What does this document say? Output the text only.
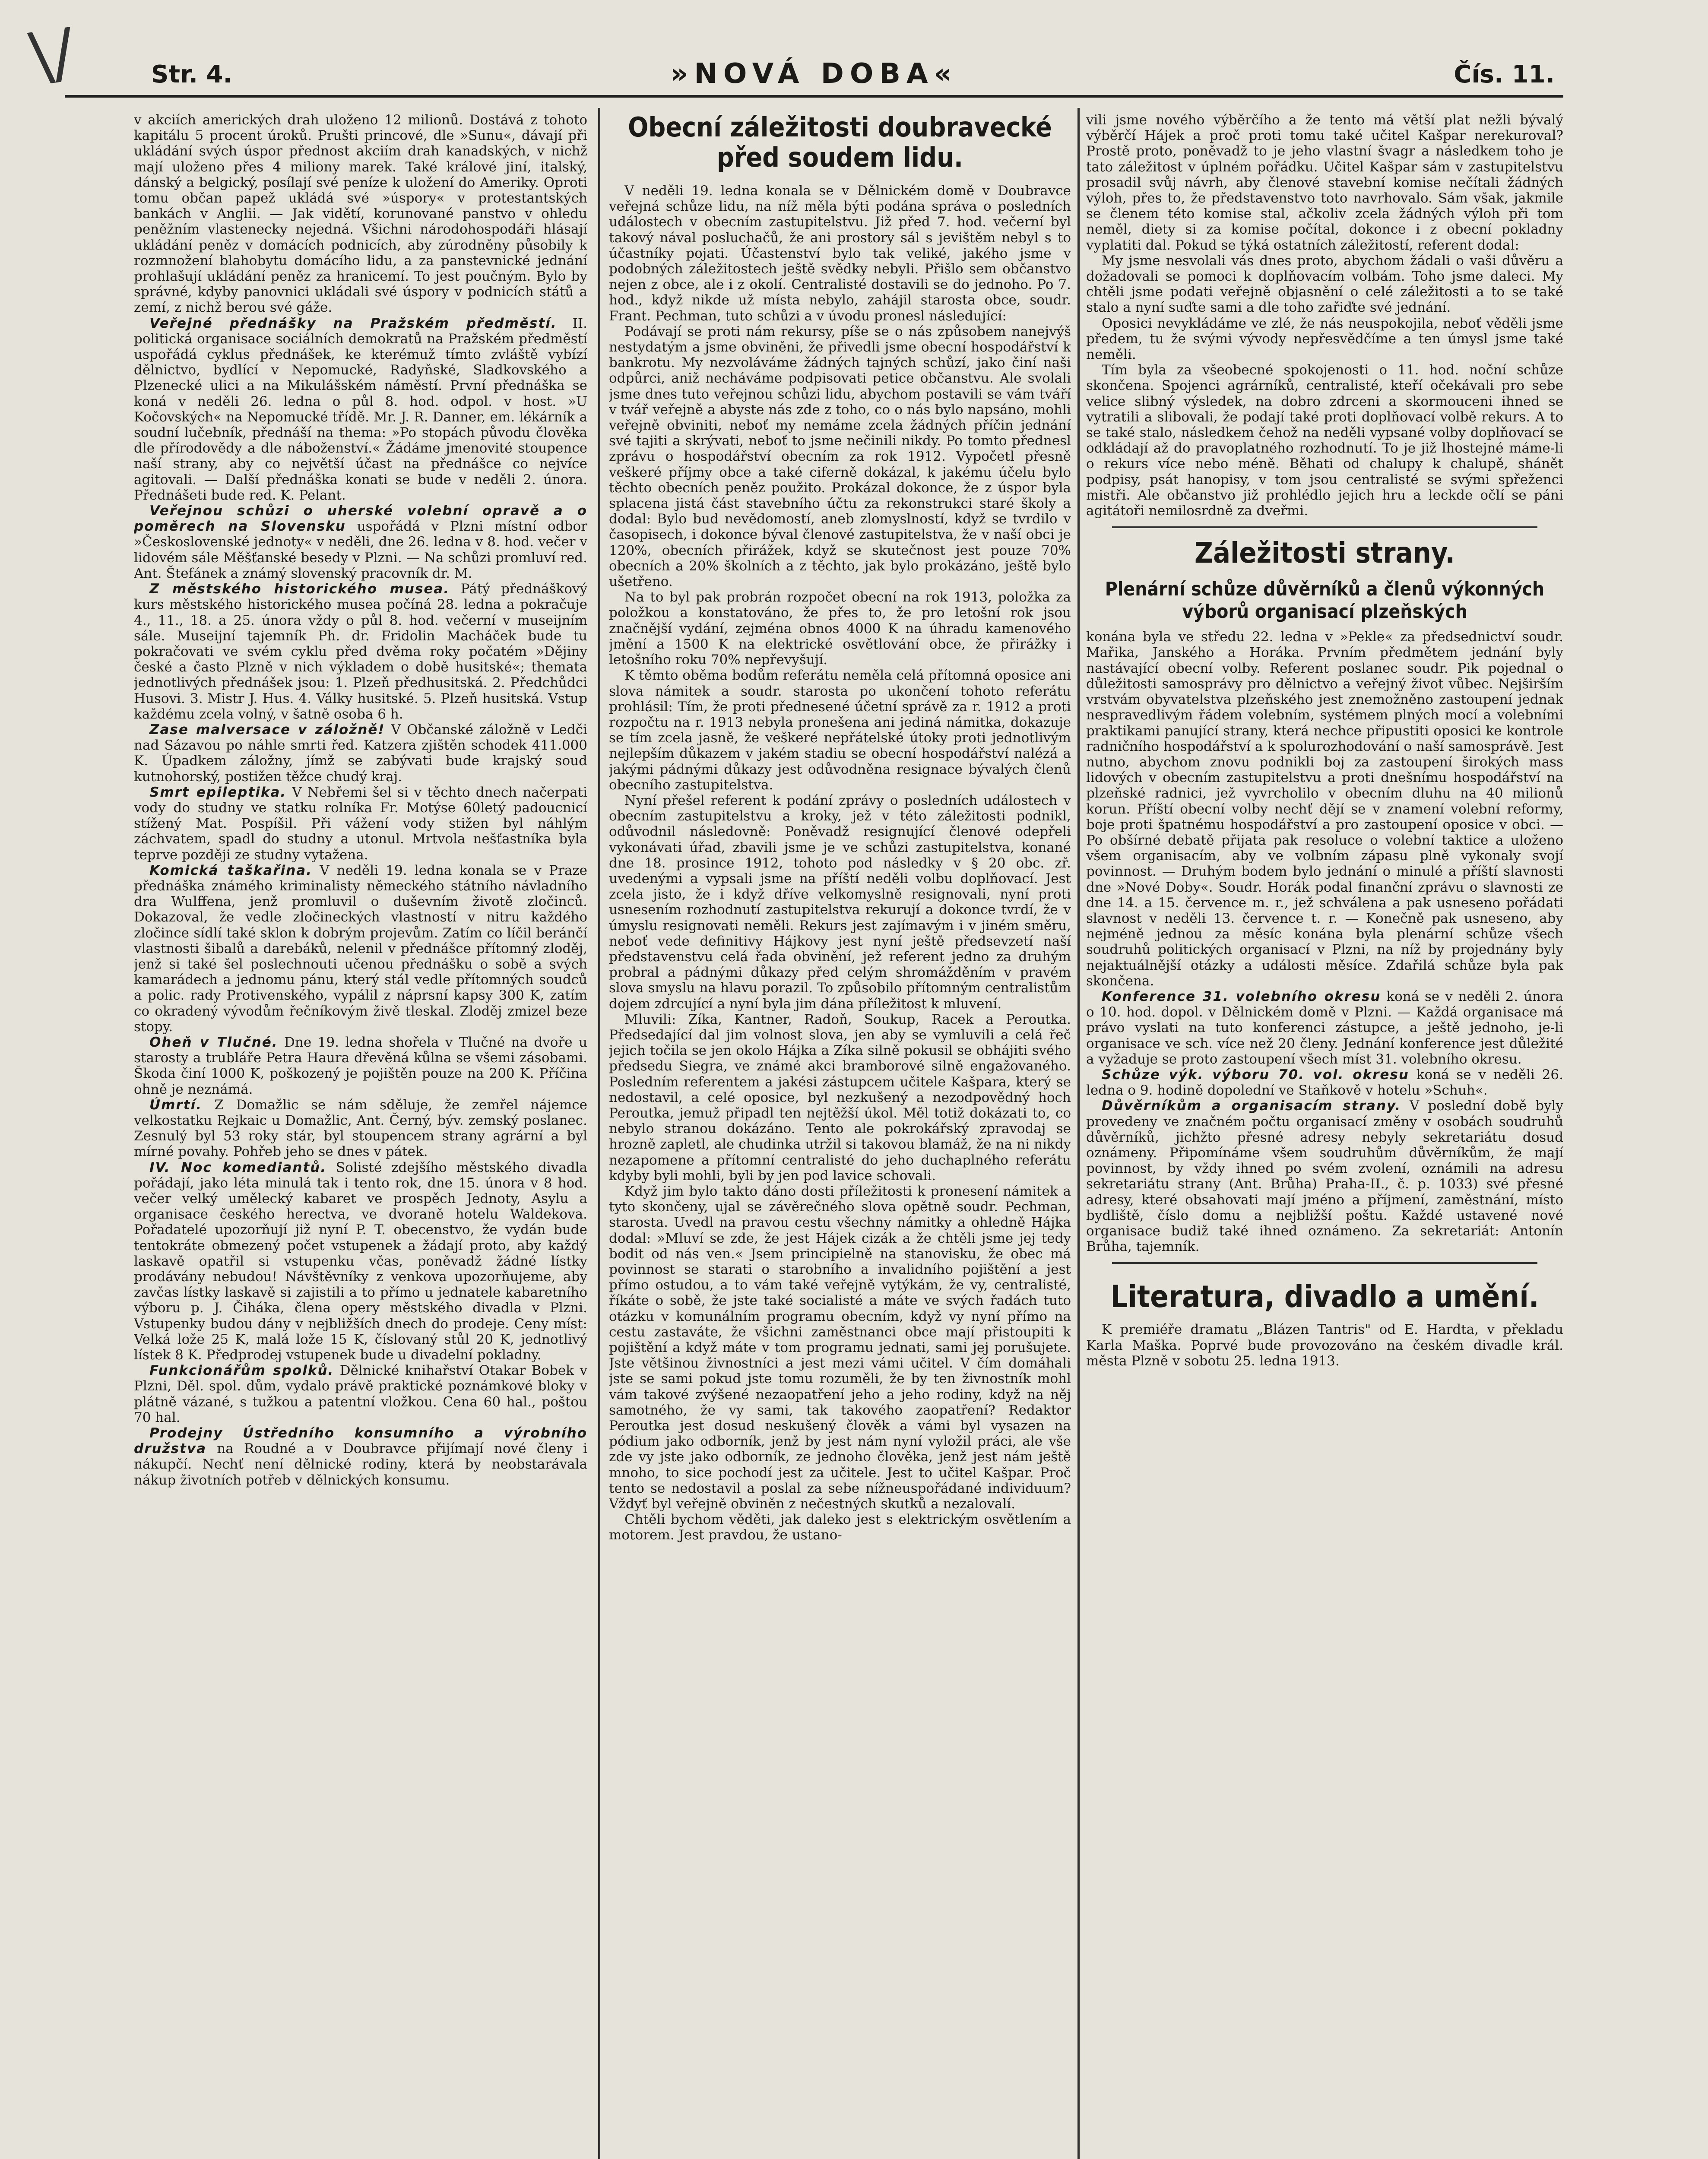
\/	Str. 4.	»NOVÁ DOBA«	Čís. 11.

v akciích amerických drah uloženo 12 milionů. Dostává z tohoto kapitálu 5 procent úroků. Prušti princové, dle »Sunu«, dávají při ukládání svých úspor přednost akciím drah kanadských, v nichž mají uloženo přes 4 miliony marek. Také králové jiní, italský, dánský a belgický, posílají své peníze k uložení do Ameriky. Oproti tomu občan papež ukládá své »úspory« v protestantských bankách v Anglii. — Jak vidětí, korunované panstvo v ohledu peněžním vlastenecky nejedná. Všichni národohospodáři hlásají ukládání peněz v domácích podnicích, aby zúrodněny působily k rozmnožení blahobytu domácího lidu, a za panstevnické jednání prohlašují ukládání peněz za hranicemí. To jest poučným. Bylo by správné, kdyby panovnici ukládali své úspory v podnicích států a zemí, z nichž berou své gáže.

Veřejné přednášky na Pražském předměstí. II. politická organisace sociálních demokratů na Pražském předměstí uspořádá cyklus přednášek, ke kterémuž tímto zvláště vybízí dělnictvo, bydlící v Nepomucké, Radyňské, Sladkovského a Plzenecké ulici a na Mikulášském náměstí. První přednáška se koná v neděli 26. ledna o půl 8. hod. odpol. v host. »U Kočovských« na Nepomucké třídě. Mr. J. R. Danner, em. lékárník a soudní lučebník, přednáší na thema: »Po stopách původu člověka dle přírodovědy a dle náboženství.« Žádáme jmenovité stoupence naší strany, aby co největší účast na přednášce co nejvíce agitovali. — Další přednáška konati se bude v neděli 2. února. Přednášeti bude red. K. Pelant.

Veřejnou schůzi o uherské volební opravě a o poměrech na Slovensku uspořádá v Plzni místní odbor »Československé jednoty« v neděli, dne 26. ledna v 8. hod. večer v lidovém sále Měšťanské besedy v Plzni. — Na schůzi promluví red. Ant. Štefánek a známý slovenský pracovník dr. M.

Z městského historického musea. Pátý přednáškový kurs městského historického musea počíná 28. ledna a pokračuje 4., 11., 18. a 25. února vždy o půl 8. hod. večerní v museijním sále. Museijní tajemník Ph. dr. Fridolin Macháček bude tu pokračovati ve svém cyklu před dvěma roky počatém »Dějiny české a často Plzně v nich výkladem o době husitské«; themata jednotlivých přednášek jsou: 1. Plzeň předhusitská. 2. Předchůdci Husovi. 3. Mistr J. Hus. 4. Války husitské. 5. Plzeň husitská. Vstup každému zcela volný, v šatně osoba 6 h.

Zase malversace v záložně! V Občanské záložně v Ledči nad Sázavou po náhle smrti řed. Katzera zjištěn schodek 411.000 K. Úpadkem záložny, jímž se zabývati bude krajský soud kutnohorský, postižen těžce chudý kraj.

Smrt epileptika. V Nebřemi šel si v těchto dnech načerpati vody do studny ve statku rolníka Fr. Motýse 60letý padoucnicí stížený Mat. Pospíšil. Při vážení vody stižen byl náhlým záchvatem, spadl do studny a utonul. Mrtvola nešťastníka byla teprve později ze studny vytažena.

Komická taškařina. V neděli 19. ledna konala se v Praze přednáška známého kriminalisty německého státního návladního dra Wulffena, jenž promluvil o duševním životě zločinců. Dokazoval, že vedle zločineckých vlastností v nitru každého zločince sídlí také sklon k dobrým projevům. Zatím co líčil beránčí vlastnosti šibalů a darebáků, nelenil v přednášce přítomný zloděj, jenž si také šel poslechnouti učenou přednášku o sobě a svých kamarádech a jednomu pánu, který stál vedle přítomných soudců a polic. rady Protivenského, vypálil z náprsní kapsy 300 K, zatím co okradený vývodům řečníkovým živě tleskal. Zloděj zmizel beze stopy.

Oheň v Tlučné. Dne 19. ledna shořela v Tlučné na dvoře u starosty a trubláře Petra Haura dřevěná kůlna se všemi zásobami. Škoda činí 1000 K, poškozený je pojištěn pouze na 200 K. Příčina ohně je neznámá.

Úmrtí. Z Domažlic se nám sděluje, že zemřel nájemce velkostatku Rejkaic u Domažlic, Ant. Černý, býv. zemský poslanec. Zesnulý byl 53 roky stár, byl stoupencem strany agrární a byl mírné povahy. Pohřeb jeho se dnes v pátek.

IV. Noc komediantů. Solisté zdejšího městského divadla pořádají, jako léta minulá tak i tento rok, dne 15. února v 8 hod. večer velký umělecký kabaret ve prospěch Jednoty, Asylu a organisace českého herectva, ve dvoraně hotelu Waldekova. Pořadatelé upozorňují již nyní P. T. obecenstvo, že vydán bude tentokráte obmezený počet vstupenek a žádají proto, aby každý laskavě opatřil si vstupenku včas, poněvadž žádné lístky prodávány nebudou! Návštěvníky z venkova upozorňujeme, aby zavčas lístky laskavě si zajistili a to přímo u jednatele kabaretního výboru p. J. Čiháka, člena opery městského divadla v Plzni. Vstupenky budou dány v nejbližších dnech do prodeje. Ceny míst: Velká lože 25 K, malá lože 15 K, číslovaný stůl 20 K, jednotlivý lístek 8 K. Předprodej vstupenek bude u divadelní pokladny.

Funkcionářům spolků. Dělnické knihařství Otakar Bobek v Plzni, Děl. spol. dům, vydalo právě praktické poznámkové bloky v plátně vázané, s tužkou a patentní vložkou. Cena 60 hal., poštou 70 hal.

Prodejny Ústředního konsumního a výrobního družstva na Roudné a v Doubravce přijímají nové členy i nákupčí. Nechť není dělnické rodiny, která by neobstarávala nákup životních potřeb v dělnických konsumu.

Obecní záležitosti doubravecké před soudem lidu.

V neděli 19. ledna konala se v Dělnickém domě v Doubravce veřejná schůze lidu, na níž měla býti podána správa o posledních událostech v obecním zastupitelstvu. Již před 7. hod. večerní byl takový nával posluchačů, že ani prostory sál s jevištěm nebyl s to účastníky pojati. Účastenství bylo tak veliké, jakého jsme v podobných záležitostech ještě svědky nebyli. Přišlo sem občanstvo nejen z obce, ale i z okolí. Centralisté dostavili se do jednoho. Po 7. hod., když nikde už místa nebylo, zahájil starosta obce, soudr. Frant. Pechman, tuto schůzi a v úvodu pronesl následující:

Podávají se proti nám rekursy, píše se o nás způsobem nanejvýš nestydatým a jsme obviněni, že přivedli jsme obecní hospodářství k bankrotu. My nezvoláváme žádných tajných schůzí, jako činí naši odpůrci, aniž necháváme podpisovati petice občanstvu. Ale svolali jsme dnes tuto veřejnou schůzi lidu, abychom postavili se vám tváří v tvář veřejně a abyste nás zde z toho, co o nás bylo napsáno, mohli veřejně obviniti, neboť my nemáme zcela žádných příčin jednání své tajiti a skrývati, neboť to jsme nečinili nikdy. Po tomto přednesl zprávu o hospodářství obecním za rok 1912. Vypočetl přesně veškeré příjmy obce a také ciferně dokázal, k jakému účelu bylo těchto obecních peněz použito. Prokázal dokonce, že z úspor byla splacena jistá část stavebního účtu za rekonstrukci staré školy a dodal: Bylo bud nevědomostí, aneb zlomyslností, když se tvrdilo v časopisech, i dokonce býval členové zastupitelstva, že v naší obci je 120%, obecních přirážek, když se skutečnost jest pouze 70% obecních a 20% školních a z těchto, jak bylo prokázáno, ještě bylo ušetřeno.

Na to byl pak probrán rozpočet obecní na rok 1913, položka za položkou a konstatováno, že přes to, že pro letošní rok jsou značnější vydání, zejména obnos 4000 K na úhradu kamenového jmění a 1500 K na elektrické osvětlování obce, že přirážky i letošního roku 70% nepřevyšují.

K těmto oběma bodům referátu neměla celá přítomná oposice ani slova námitek a soudr. starosta po ukončení tohoto referátu prohlásil: Tím, že proti přednesené účetní správě za r. 1912 a proti rozpočtu na r. 1913 nebyla pronešena ani jediná námitka, dokazuje se tím zcela jasně, že veškeré nepřátelské útoky proti jednotlivým nejlepším důkazem v jakém stadiu se obecní hospodářství nalézá a jakými pádnými důkazy jest odůvodněna resignace bývalých členů obecního zastupitelstva.

Nyní přešel referent k podání zprávy o posledních událostech v obecním zastupitelstvu a kroky, jež v této záležitosti podnikl, odůvodnil následovně: Poněvadž resignující členové odepřeli vykonávati úřad, zbavili jsme je ve schůzi zastupitelstva, konané dne 18. prosince 1912, tohoto pod následky v § 20 obc. zř. uvedenými a vypsali jsme na příští neděli volbu doplňovací. Jest zcela jisto, že i když dříve velkomyslně resignovali, nyní proti usnesením rozhodnutí zastupitelstva rekurují a dokonce tvrdí, že v úmyslu resignovati neměli. Rekurs jest zajímavým i v jiném směru, neboť vede definitivy Hájkovy jest nyní ještě předsevzetí naší představenstvu celá řada obvinění, jež referent jedno za druhým probral a pádnými důkazy před celým shromážděním v pravém slova smyslu na hlavu porazil. To způsobilo přítomným centralistům dojem zdrcující a nyní byla jim dána příležitost k mluvení.

Mluvili: Zíka, Kantner, Radoň, Soukup, Racek a Peroutka. Předsedající dal jim volnost slova, jen aby se vymluvili a celá řeč jejich točila se jen okolo Hájka a Zíka silně pokusil se obhájiti svého předsedu Siegra, ve známé akci bramborové silně engažovaného. Posledním referentem a jakési zástupcem učitele Kašpara, který se nedostavil, a celé oposice, byl nezkušený a nezodpovědný hoch Peroutka, jemuž připadl ten nejtěžší úkol. Měl totiž dokázati to, co nebylo stranou dokázáno. Tento ale pokrokářský zpravodaj se hrozně zapletl, ale chudinka utržil si takovou blamáž, že na ni nikdy nezapomene a přítomní centralisté do jeho duchaplného referátu kdyby byli mohli, byli by jen pod lavice schovali.

Když jim bylo takto dáno dosti příležitosti k pronesení námitek a tyto skončeny, ujal se závěrečného slova opětně soudr. Pechman, starosta. Uvedl na pravou cestu všechny námitky a ohledně Hájka dodal: »Mluví se zde, že jest Hájek cizák a že chtěli jsme jej tedy bodit od nás ven.« Jsem principielně na stanovisku, že obec má povinnost se starati o starobního a invalidního pojištění a jest přímo ostudou, a to vám také veřejně vytýkám, že vy, centralisté, říkáte o sobě, že jste také socialisté a máte ve svých řadách tuto otázku v komunálním programu obecním, když vy nyní přímo na cestu zastaváte, že všichni zaměstnanci obce mají přistoupiti k pojištění a když máte v tom programu jednati, sami jej porušujete. Jste většinou živnostníci a jest mezi vámi učitel. V čím domáhali jste se sami pokud jste tomu rozuměli, že by ten živnostník mohl vám takové zvýšené nezaopatření jeho a jeho rodiny, když na něj samotného, že vy sami, tak takového zaopatření? Redaktor Peroutka jest dosud neskušený člověk a vámi byl vysazen na pódium jako odborník, jenž by jest nám nyní vyložil práci, ale vše zde vy jste jako odborník, ze jednoho člověka, jenž jest nám ještě mnoho, to sice pochodí jest za učitele. Jest to učitel Kašpar. Proč tento se nedostavil a poslal za sebe nížneuspořádané individuum? Vždyť byl veřejně obviněn z nečestných skutků a nezalovalí.

Chtěli bychom věděti, jak daleko jest s elektrickým osvětlením a motorem. Jest pravdou, že ustano-

vili jsme nového výběrčího a že tento má větší plat nežli bývalý výběrčí Hájek a proč proti tomu také učitel Kašpar nerekuroval? Prostě proto, poněvadž to je jeho vlastní švagr a následkem toho je tato záležitost v úplném pořádku. Učitel Kašpar sám v zastupitelstvu prosadil svůj návrh, aby členové stavební komise nečítali žádných výloh, přes to, že představenstvo toto navrhovalo. Sám však, jakmile se členem této komise stal, ačkoliv zcela žádných výloh při tom neměl, diety si za komise počítal, dokonce i z obecní pokladny vyplatiti dal. Pokud se týká ostatních záležitostí, referent dodal:

My jsme nesvolali vás dnes proto, abychom žádali o vaši důvěru a dožadovali se pomoci k doplňovacím volbám. Toho jsme daleci. My chtěli jsme podati veřejně objasnění o celé záležitosti a to se také stalo a nyní suďte sami a dle toho zařiďte své jednání.

Oposici nevykládáme ve zlé, že nás neuspokojila, neboť věděli jsme předem, tu že svými vývody nepřesvědčíme a ten úmysl jsme také neměli.

Tím byla za všeobecné spokojenosti o 11. hod. noční schůze skončena. Spojenci agrárníků, centralisté, kteří očekávali pro sebe velice slibný výsledek, na dobro zdrceni a skormouceni ihned se vytratili a slibovali, že podají také proti doplňovací volbě rekurs. A to se také stalo, následkem čehož na neděli vypsané volby doplňovací se odkládají až do pravoplatného rozhodnutí. To je již lhostejné máme-li o rekurs více nebo méně. Běhati od chalupy k chalupě, shánět podpisy, psát hanopisy, v tom jsou centralisté se svými spřeženci mistři. Ale občanstvo již prohlédlo jejich hru a leckde očlí se páni agitátoři nemilosrdně za dveřmi.

Záležitosti strany.
Plenární schůze důvěrníků a členů výkonných výborů organisací plzeňských

konána byla ve středu 22. ledna v »Pekle« za předsednictví soudr. Mařika, Janského a Horáka. Prvním předmětem jednání byly nastávající obecní volby. Referent poslanec soudr. Pik pojednal o důležitosti samosprávy pro dělnictvo a veřejný život vůbec. Nejširším vrstvám obyvatelstva plzeňského jest znemožněno zastoupení jednak nespravedlivým řádem volebním, systémem plných mocí a volebními praktikami panující strany, která nechce připustiti oposici ke kontrole radničního hospodářství a k spolurozhodování o naší samosprávě. Jest nutno, abychom znovu podnikli boj za zastoupení širokých mass lidových v obecním zastupitelstvu a proti dnešnímu hospodářství na plzeňské radnici, jež vyvrcholilo v obecním dluhu na 40 milionů korun. Příští obecní volby nechť dějí se v znamení volební reformy, boje proti špatnému hospodářství a pro zastoupení oposice v obci. — Po obšírné debatě přijata pak resoluce o volební taktice a uloženo všem organisacím, aby ve volbním zápasu plně vykonaly svojí povinnost. — Druhým bodem bylo jednání o minulé a příští slavnosti dne »Nové Doby«. Soudr. Horák podal finanční zprávu o slavnosti ze dne 14. a 15. července m. r., jež schválena a pak usneseno pořádati slavnost v neděli 13. července t. r. — Konečně pak usneseno, aby nejméně jednou za měsíc konána byla plenární schůze všech soudruhů politických organisací v Plzni, na níž by projednány byly nejaktuálnější otázky a události měsíce. Zdařilá schůze byla pak skončena.

Konference 31. volebního okresu koná se v neděli 2. února o 10. hod. dopol. v Dělnickém domě v Plzni. — Každá organisace má právo vyslati na tuto konferenci zástupce, a ještě jednoho, je-li organisace ve sch. více než 20 členy. Jednání konference jest důležité a vyžaduje se proto zastoupení všech míst 31. volebního okresu.

Schůze výk. výboru 70. vol. okresu koná se v neděli 26. ledna o 9. hodině dopolední ve Staňkově v hotelu »Schuh«.

Důvěrníkům a organisacím strany. V poslední době byly provedeny ve značném počtu organisací změny v osobách soudruhů důvěrníků, jichžto přesné adresy nebyly sekretariátu dosud oznámeny. Připomínáme všem soudruhům důvěrníkům, že mají povinnost, by vždy ihned po svém zvolení, oznámili na adresu sekretariátu strany (Ant. Brůha) Praha-II., č. p. 1033) své přesné adresy, které obsahovati mají jméno a příjmení, zaměstnání, místo bydliště, číslo domu a nejbližší poštu. Každé ustavené nové organisace budiž také ihned oznámeno. Za sekretariát: Antonín Brůha, tajemník.

Literatura, divadlo a umění.

K premiéře dramatu „Blázen Tantris" od E. Hardta, v překladu Karla Maška. Poprvé bude provozováno na českém divadle král. města Plzně v sobotu 25. ledna 1913.
